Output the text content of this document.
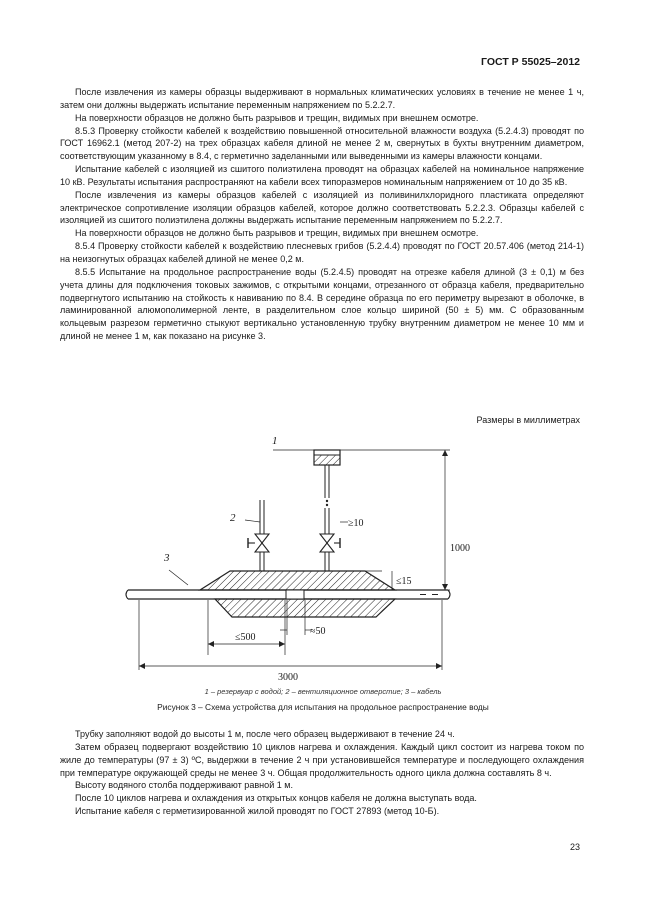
ГОСТ Р 55025–2012

После извлечения из камеры образцы выдерживают в нормальных климатических условиях в течение не менее 1 ч, затем они должны выдержать испытание переменным напряжением по 5.2.2.7.

На поверхности образцов не должно быть разрывов и трещин, видимых при внешнем осмотре.

8.5.3 Проверку стойкости кабелей к воздействию повышенной относительной влажности воздуха (5.2.4.3) проводят по ГОСТ 16962.1 (метод 207-2) на трех образцах кабеля длиной не менее 2 м, свернутых в бухты внутренним диаметром, соответствующим указанному в 8.4, с герметично заделанными или выведенными из камеры влажности концами.

Испытание кабелей с изоляцией из сшитого полиэтилена проводят на образцах кабелей на номинальное напряжение 10 кВ. Результаты испытания распространяют на кабели всех типоразмеров номинальным напряжением от 10 до 35 кВ.

После извлечения из камеры образцов кабелей с изоляцией из поливинилхлоридного пластиката определяют электрическое сопротивление изоляции образцов кабелей, которое должно соответствовать 5.2.2.3. Образцы кабелей с изоляцией из сшитого полиэтилена должны выдержать испытание переменным напряжением по 5.2.2.7.

На поверхности образцов не должно быть разрывов и трещин, видимых при внешнем осмотре.

8.5.4 Проверку стойкости кабелей к воздействию плесневых грибов (5.2.4.4) проводят по ГОСТ 20.57.406 (метод 214-1) на неизогнутых образцах кабелей длиной не менее 0,2 м.

8.5.5 Испытание на продольное распространение воды (5.2.4.5) проводят на отрезке кабеля длиной (3 ± 0,1) м без учета длины для подключения токовых зажимов, с открытыми концами, отрезанного от образца кабеля, предварительно подвергнутого испытанию на стойкость к навиванию по 8.4. В середине образца по его периметру вырезают в оболочке, в ламинированной алюмополимерной ленте, в разделительном слое кольцо шириной (50 ± 5) мм. С образованным кольцевым разрезом герметично стыкуют вертикально установленную трубку внутренним диаметром не менее 10 мм и длиной не менее 1 м, как показано на рисунке 3.

Размеры в миллиметрах
1
2
3
≥10
1000
≤15
≤500
≈50
3000
1 – резервуар с водой; 2 – вентиляционное отверстие; 3 – кабель
Рисунок 3 – Схема устройства для испытания на продольное распространение воды

Трубку заполняют водой до высоты 1 м, после чего образец выдерживают в течение 24 ч.

Затем образец подвергают воздействию 10 циклов нагрева и охлаждения. Каждый цикл состоит из нагрева током по жиле до температуры (97 ± 3) ºС, выдержки в течение 2 ч при установившейся температуре и последующего охлаждения при температуре окружающей среды не менее 3 ч. Общая продолжительность одного цикла должна составлять 8 ч.

Высоту водяного столба поддерживают равной 1 м.

После 10 циклов нагрева и охлаждения из открытых концов кабеля не должна выступать вода.

Испытание кабеля с герметизированной жилой проводят по ГОСТ 27893 (метод 10-Б).

23
